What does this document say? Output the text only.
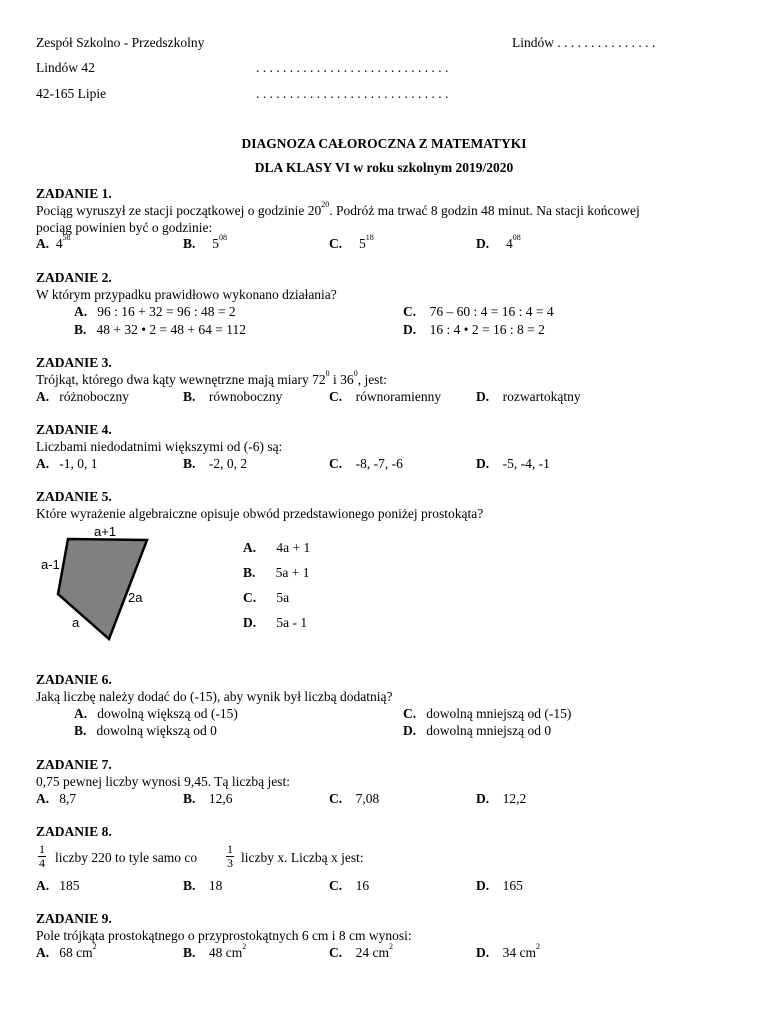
Zespół Szkolno - Przedszkolny	Lindów . . . . . . . . . . . . . . .
Lindów 42	. . . . . . . . . . . . . . . . . . . . . . . . . . . . .
42-165 Lipie	. . . . . . . . . . . . . . . . . . . . . . . . . . . . .
DIAGNOZA CAŁOROCZNA Z MATEMATYKI
DLA KLASY VI w roku szkolnym 2019/2020
ZADANIE 1.
Pociąg wyruszył ze stacji początkowej o godzinie $20^{20}$. Podróż ma trwać 8 godzin 48 minut. Na stacji końcowej
pociąg powinien być o godzinie:
A. $4^{58}$	B. $5^{08}$	C. $5^{18}$	D. $4^{08}$
ZADANIE 2.
W którym przypadku prawidłowo wykonano działania?
A. 96 : 16 + 32 = 96 : 48 = 2
B. 48 + 32 • 2 = 48 + 64 = 112
C. 76 – 60 : 4 = 16 : 4 = 4
D. 16 : 4 • 2 = 16 : 8 = 2
ZADANIE 3.
Trójkąt, którego dwa kąty wewnętrzne mają miary $72^0$ i $36^0$, jest:
A. różnoboczny	B. równoboczny	C. równoramienny	D. rozwartokątny
ZADANIE 4.
Liczbami niedodatnimi większymi od (-6) są:
A. -1, 0, 1	B. -2, 0, 2	C. -8, -7, -6	D. -5, -4, -1
ZADANIE 5.
Które wyrażenie algebraiczne opisuje obwód przedstawionego poniżej prostokąta?
a+1
a-1
2a
a
A. 4a + 1
B. 5a + 1
C. 5a
D. 5a - 1
ZADANIE 6.
Jaką liczbę należy dodać do (-15), aby wynik był liczbą dodatnią?
A. dowolną większą od (-15)
B. dowolną większą od 0
C. dowolną mniejszą od (-15)
D. dowolną mniejszą od 0
ZADANIE 7.
0,75 pewnej liczby wynosi 9,45. Tą liczbą jest:
A. 8,7	B. 12,6	C. 7,08	D. 12,2
ZADANIE 8.
1
4 liczby 220 to tyle samo co
1
3 liczby x. Liczbą x jest:
A. 185	B. 18	C. 16	D. 165
ZADANIE 9.
Pole trójkąta prostokątnego o przyprostokątnych 6 cm i 8 cm wynosi:
A. 68 $cm^2$	B. 48 $cm^2$	C. 24 $cm^2$	D. 34 $cm^2$
